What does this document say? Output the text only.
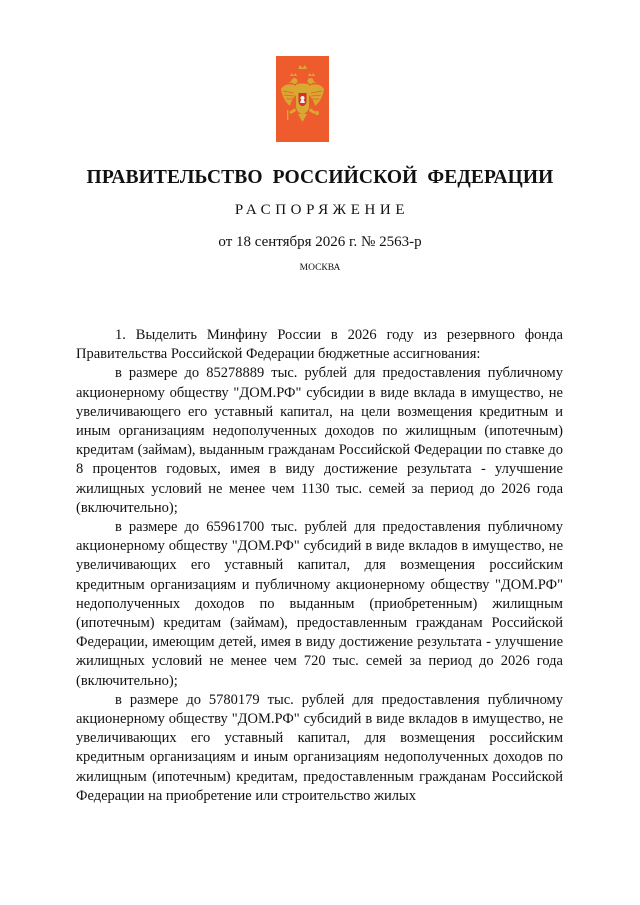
ПРАВИТЕЛЬСТВО РОССИЙСКОЙ ФЕДЕРАЦИИ
РАСПОРЯЖЕНИЕ
от 18 сентября 2026 г. № 2563-р
МОСКВА

1. Выделить Минфину России в 2026 году из резервного фонда Правительства Российской Федерации бюджетные ассигнования:

в размере до 85278889 тыс. рублей для предоставления публичному акционерному обществу "ДОМ.РФ" субсидии в виде вклада в имущество, не увеличивающего его уставный капитал, на цели возмещения кредитным и иным организациям недополученных доходов по жилищным (ипотечным) кредитам (займам), выданным гражданам Российской Федерации по ставке до 8 процентов годовых, имея в виду достижение результата - улучшение жилищных условий не менее чем 1130 тыс. семей за период до 2026 года (включительно);

в размере до 65961700 тыс. рублей для предоставления публичному акционерному обществу "ДОМ.РФ" субсидий в виде вкладов в имущество, не увеличивающих его уставный капитал, для возмещения российским кредитным организациям и публичному акционерному обществу "ДОМ.РФ" недополученных доходов по выданным (приобретенным) жилищным (ипотечным) кредитам (займам), предоставленным гражданам Российской Федерации, имеющим детей, имея в виду достижение результата - улучшение жилищных условий не менее чем 720 тыс. семей за период до 2026 года (включительно);

в размере до 5780179 тыс. рублей для предоставления публичному акционерному обществу "ДОМ.РФ" субсидий в виде вкладов в имущество, не увеличивающих его уставный капитал, для возмещения российским кредитным организациям и иным организациям недополученных доходов по жилищным (ипотечным) кредитам, предоставленным гражданам Российской Федерации на приобретение или строительство жилых
